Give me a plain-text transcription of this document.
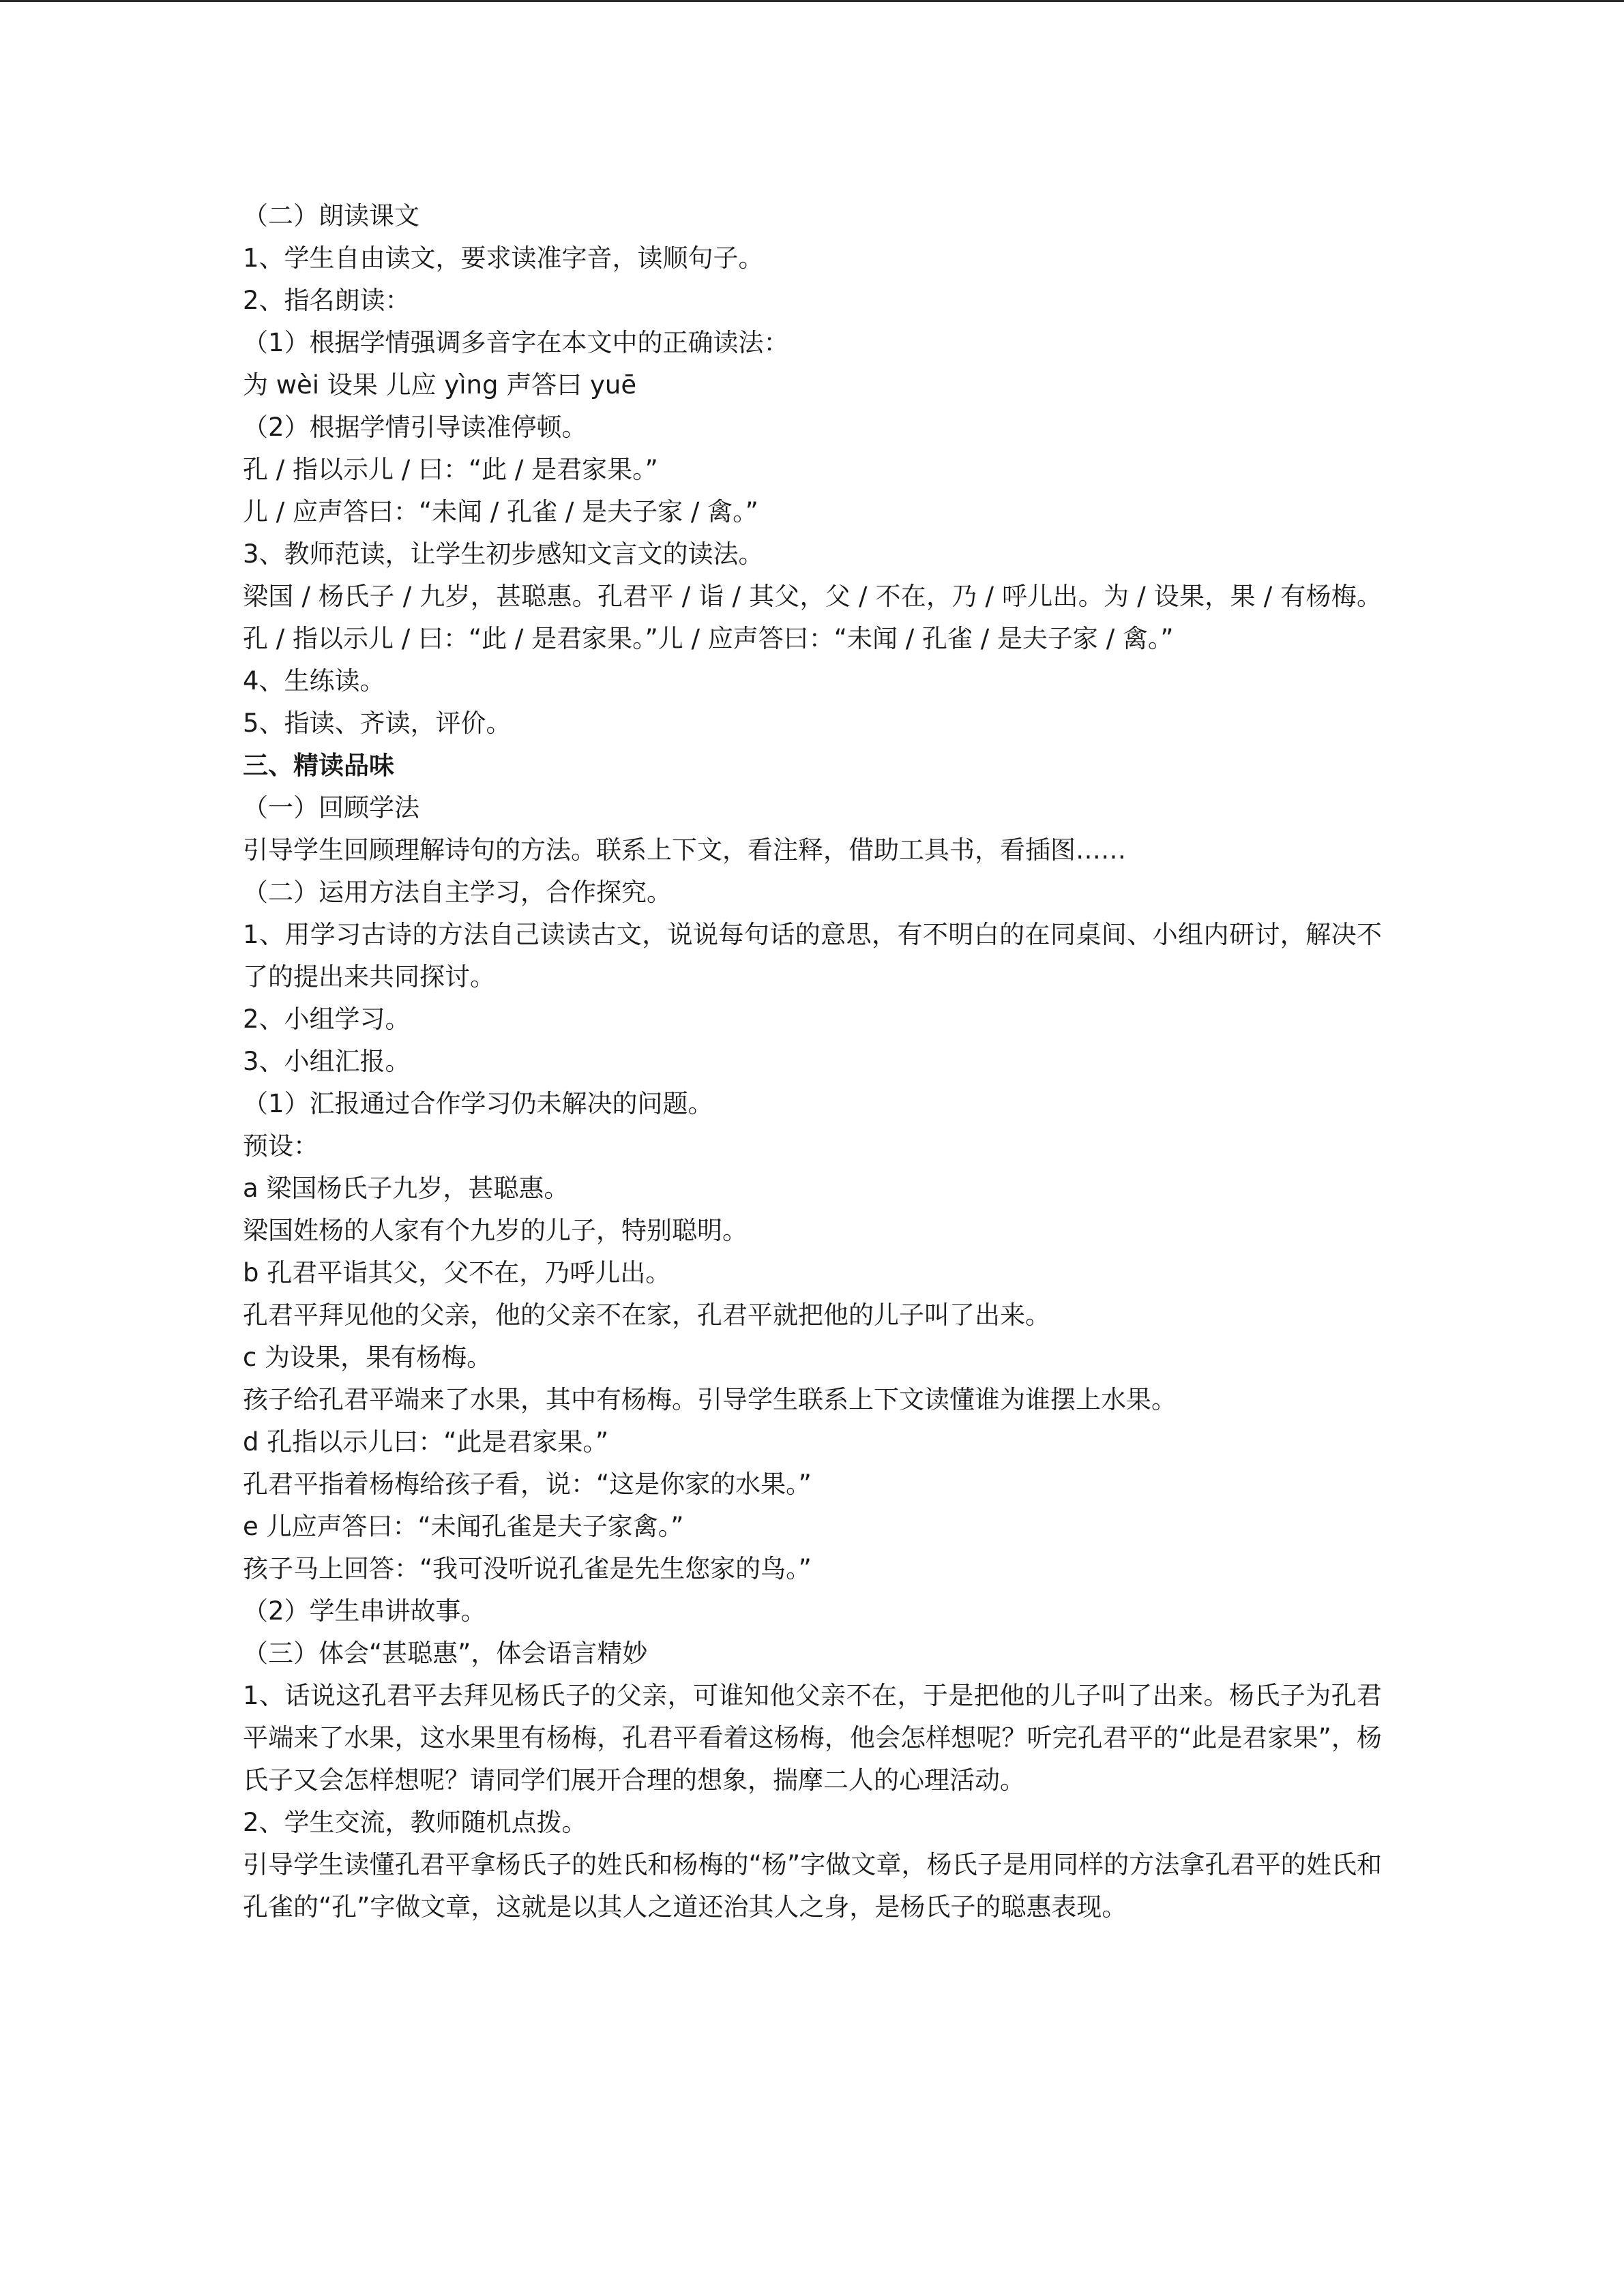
（二）朗读课文
1、学生自由读文，要求读准字音，读顺句子。
2、指名朗读：
（1）根据学情强调多音字在本文中的正确读法：
为 wèi 设果 儿应 yìng 声答曰 yuē
（2）根据学情引导读准停顿。
孔 / 指以示儿 / 曰：“此 / 是君家果。”
儿 / 应声答曰：“未闻 / 孔雀 / 是夫子家 / 禽。”
3、教师范读，让学生初步感知文言文的读法。
梁国 / 杨氏子 / 九岁，甚聪惠。孔君平 / 诣 / 其父，父 / 不在，乃 / 呼儿出。为 / 设果，果 / 有杨梅。孔 / 指以示儿 / 曰：“此 / 是君家果。”儿 / 应声答曰：“未闻 / 孔雀 / 是夫子家 / 禽。”
4、生练读。
5、指读、齐读，评价。
三、精读品味
（一）回顾学法
引导学生回顾理解诗句的方法。联系上下文，看注释，借助工具书，看插图……
（二）运用方法自主学习，合作探究。
1、用学习古诗的方法自己读读古文，说说每句话的意思，有不明白的在同桌间、小组内研讨，解决不了的提出来共同探讨。
2、小组学习。
3、小组汇报。
（1）汇报通过合作学习仍未解决的问题。
预设：
a 梁国杨氏子九岁，甚聪惠。
梁国姓杨的人家有个九岁的儿子，特别聪明。
b 孔君平诣其父，父不在，乃呼儿出。
孔君平拜见他的父亲，他的父亲不在家，孔君平就把他的儿子叫了出来。
c 为设果，果有杨梅。
孩子给孔君平端来了水果，其中有杨梅。引导学生联系上下文读懂谁为谁摆上水果。
d 孔指以示儿曰：“此是君家果。”
孔君平指着杨梅给孩子看，说：“这是你家的水果。”
e 儿应声答曰：“未闻孔雀是夫子家禽。”
孩子马上回答：“我可没听说孔雀是先生您家的鸟。”
（2）学生串讲故事。
（三）体会“甚聪惠”，体会语言精妙
1、话说这孔君平去拜见杨氏子的父亲，可谁知他父亲不在，于是把他的儿子叫了出来。杨氏子为孔君平端来了水果，这水果里有杨梅，孔君平看着这杨梅，他会怎样想呢？听完孔君平的“此是君家果”，杨氏子又会怎样想呢？请同学们展开合理的想象，揣摩二人的心理活动。
2、学生交流，教师随机点拨。
引导学生读懂孔君平拿杨氏子的姓氏和杨梅的“杨”字做文章，杨氏子是用同样的方法拿孔君平的姓氏和孔雀的“孔”字做文章，这就是以其人之道还治其人之身，是杨氏子的聪惠表现。
